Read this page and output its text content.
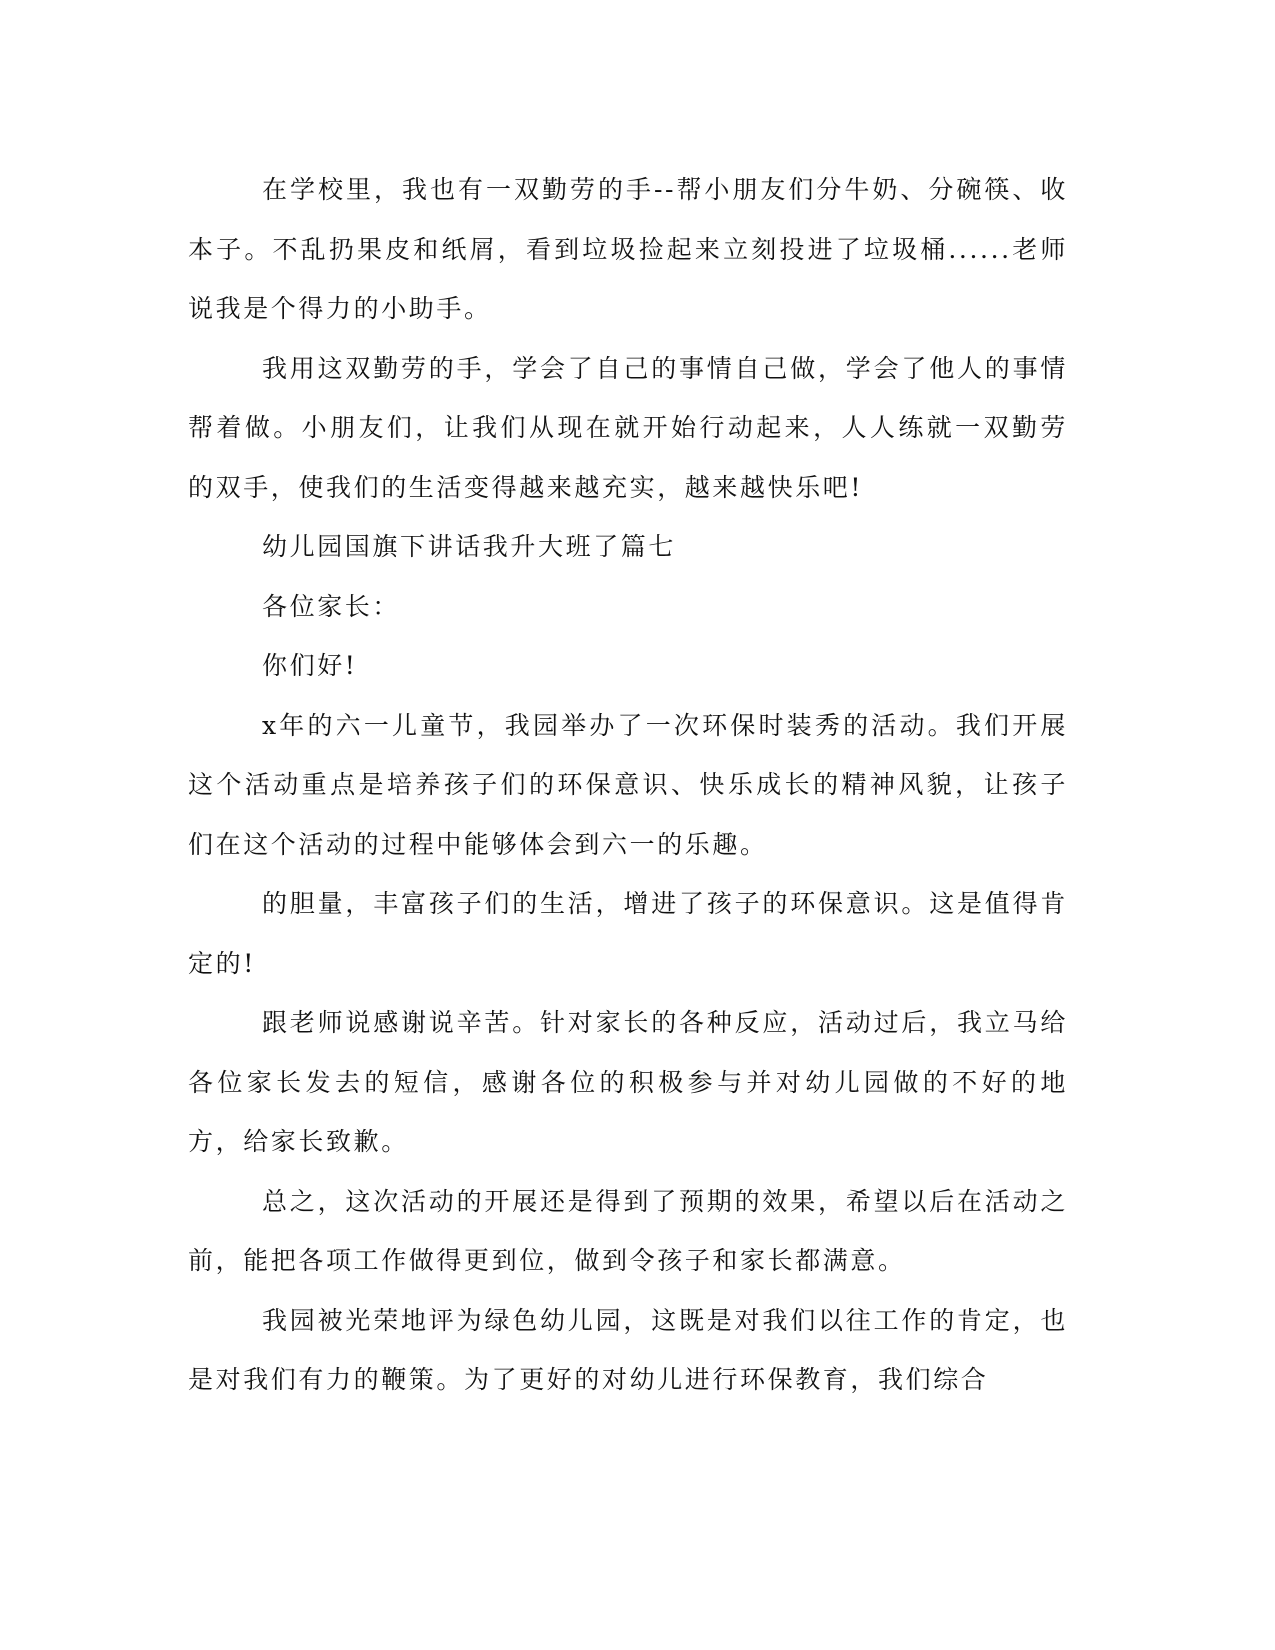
在学校里，我也有一双勤劳的手--帮小朋友们分牛奶、分碗筷、收本子。不乱扔果皮和纸屑，看到垃圾捡起来立刻投进了垃圾桶......老师说我是个得力的小助手。

我用这双勤劳的手，学会了自己的事情自己做，学会了他人的事情帮着做。小朋友们，让我们从现在就开始行动起来，人人练就一双勤劳的双手，使我们的生活变得越来越充实，越来越快乐吧!

幼儿园国旗下讲话我升大班了篇七

各位家长：

你们好!

x年的六一儿童节，我园举办了一次环保时装秀的活动。我们开展这个活动重点是培养孩子们的环保意识、快乐成长的精神风貌，让孩子们在这个活动的过程中能够体会到六一的乐趣。

的胆量，丰富孩子们的生活，增进了孩子的环保意识。这是值得肯定的!

跟老师说感谢说辛苦。针对家长的各种反应，活动过后，我立马给各位家长发去的短信，感谢各位的积极参与并对幼儿园做的不好的地方，给家长致歉。

总之，这次活动的开展还是得到了预期的效果，希望以后在活动之前，能把各项工作做得更到位，做到令孩子和家长都满意。

我园被光荣地评为绿色幼儿园，这既是对我们以往工作的肯定，也是对我们有力的鞭策。为了更好的对幼儿进行环保教育，我们综合
